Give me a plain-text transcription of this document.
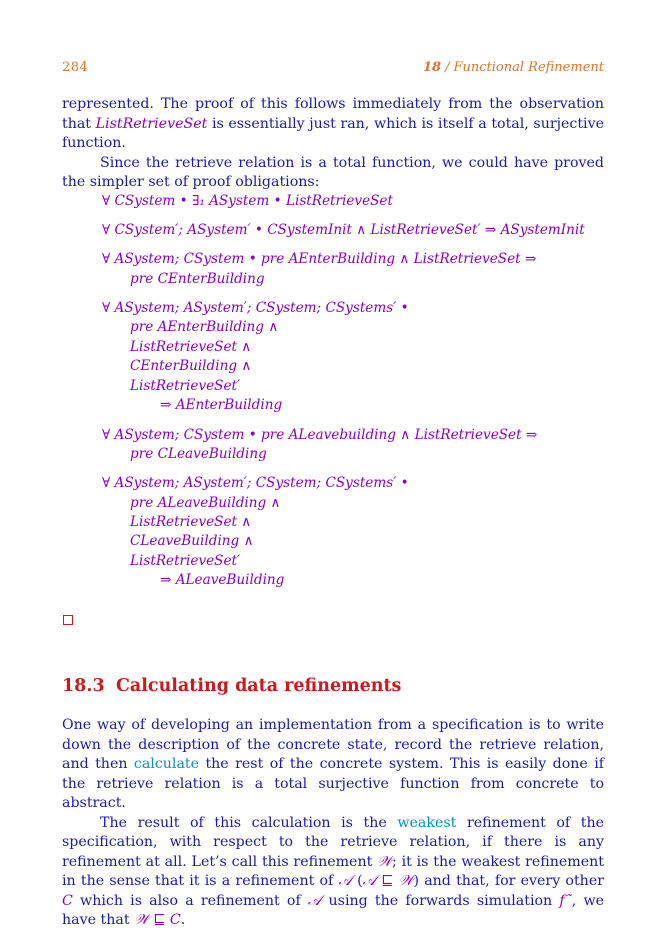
284	18 / Functional Refinement

represented. The proof of this follows immediately from the observation that ListRetrieveSet is essentially just ran, which is itself a total, surjective function.

Since the retrieve relation is a total function, we could have proved the simpler set of proof obligations:

∀ CSystem • ∃₁ ASystem • ListRetrieveSet
∀ CSystem′; ASystem′ • CSystemInit ∧ ListRetrieveSet′ ⇒ ASystemInit
∀ ASystem; CSystem • pre AEnterBuilding ∧ ListRetrieveSet ⇒
pre CEnterBuilding
∀ ASystem; ASystem′; CSystem; CSystems′ •
pre AEnterBuilding ∧
ListRetrieveSet ∧
CEnterBuilding ∧
ListRetrieveSet′
⇒ AEnterBuilding
∀ ASystem; CSystem • pre ALeavebuilding ∧ ListRetrieveSet ⇒
pre CLeaveBuilding
∀ ASystem; ASystem′; CSystem; CSystems′ •
pre ALeaveBuilding ∧
ListRetrieveSet ∧
CLeaveBuilding ∧
ListRetrieveSet′
⇒ ALeaveBuilding
18.3 Calculating data refinements

One way of developing an implementation from a specification is to write down the description of the concrete state, record the retrieve relation, and then calculate the rest of the concrete system. This is easily done if the retrieve relation is a total surjective function from concrete to abstract.

The result of this calculation is the weakest refinement of the specification, with respect to the retrieve relation, if there is any refinement at all. Let’s call this refinement 𝒲; it is the weakest refinement in the sense that it is a refinement of 𝒜 (𝒜 ⊑ 𝒲) and that, for every other C which is also a refinement of 𝒜 using the forwards simulation f˜, we have that 𝒲 ⊑ C.
